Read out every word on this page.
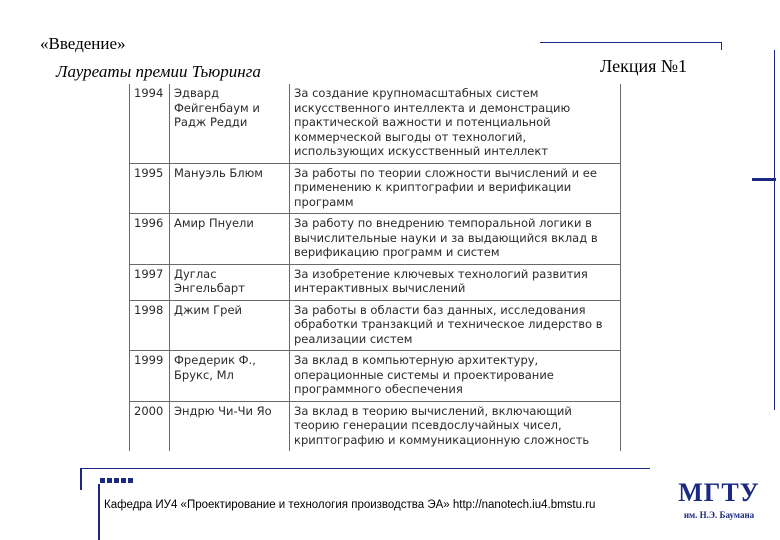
«Введение»
Лауреаты премии Тьюринга	Лекция №1
1994	Эдвард Фейгенбаум и Радж Редди	За создание крупномасштабных систем искусственного интеллекта и демонстрацию практической важности и потенциальной коммерческой выгоды от технологий, использующих искусственный интеллект
1995	Мануэль Блюм	За работы по теории сложности вычислений и ее применению к криптографии и верификации программ
1996	Амир Пнуели	За работу по внедрению темпоральной логики в вычислительные науки и за выдающийся вклад в верификацию программ и систем
1997	Дуглас Энгельбарт	За изобретение ключевых технологий развития интерактивных вычислений
1998	Джим Грей	За работы в области баз данных, исследования обработки транзакций и техническое лидерство в реализации систем
1999	Фредерик Ф., Брукс, Мл	За вклад в компьютерную архитектуру, операционные системы и проектирование программного обеспечения
2000	Эндрю Чи-Чи Яо	За вклад в теорию вычислений, включающий теорию генерации псевдослучайных чисел, криптографию и коммуникационную сложность
Кафедра ИУ4 «Проектирование и технология производства ЭА» http://nanotech.iu4.bmstu.ru	МГТУ
им. Н.Э. Баумана
